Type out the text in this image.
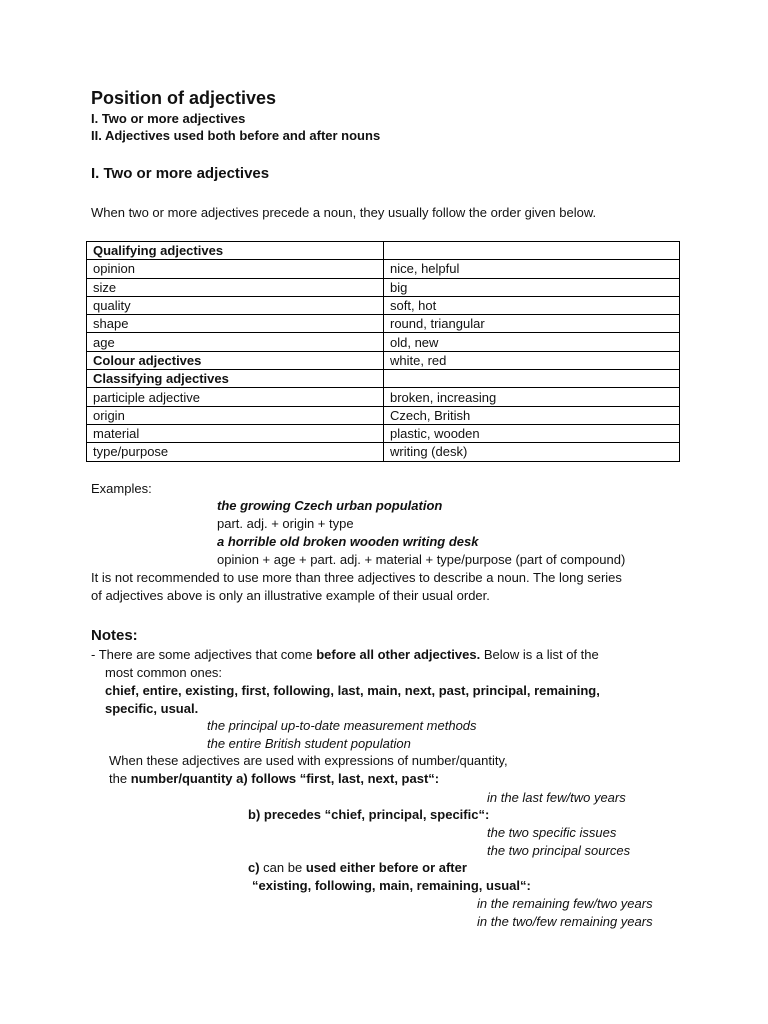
Position of adjectives
I. Two or more adjectives
II. Adjectives used both before and after nouns
I. Two or more adjectives
When two or more adjectives precede a noun, they usually follow the order given below.
Qualifying adjectives	
opinion	nice, helpful
size	big
quality	soft, hot
shape	round, triangular
age	old, new
Colour adjectives	white, red
Classifying adjectives	
participle adjective	broken, increasing
origin	Czech, British
material	plastic, wooden
type/purpose	writing (desk)
Examples:
the growing Czech urban population
part. adj. + origin + type
a horrible old broken wooden writing desk
opinion + age + part. adj. + material + type/purpose (part of compound)
It is not recommended to use more than three adjectives to describe a noun. The long series
of adjectives above is only an illustrative example of their usual order.
Notes:
- There are some adjectives that come before all other adjectives. Below is a list of the
most common ones:
chief, entire, existing, first, following, last, main, next, past, principal, remaining,
specific, usual.
the principal up-to-date measurement methods
the entire British student population
When these adjectives are used with expressions of number/quantity,
the number/quantity a) follows “first, last, next, past“:
in the last few/two years
b) precedes “chief, principal, specific“:
the two specific issues
the two principal sources
c) can be used either before or after
“existing, following, main, remaining, usual“:
in the remaining few/two years
in the two/few remaining years
